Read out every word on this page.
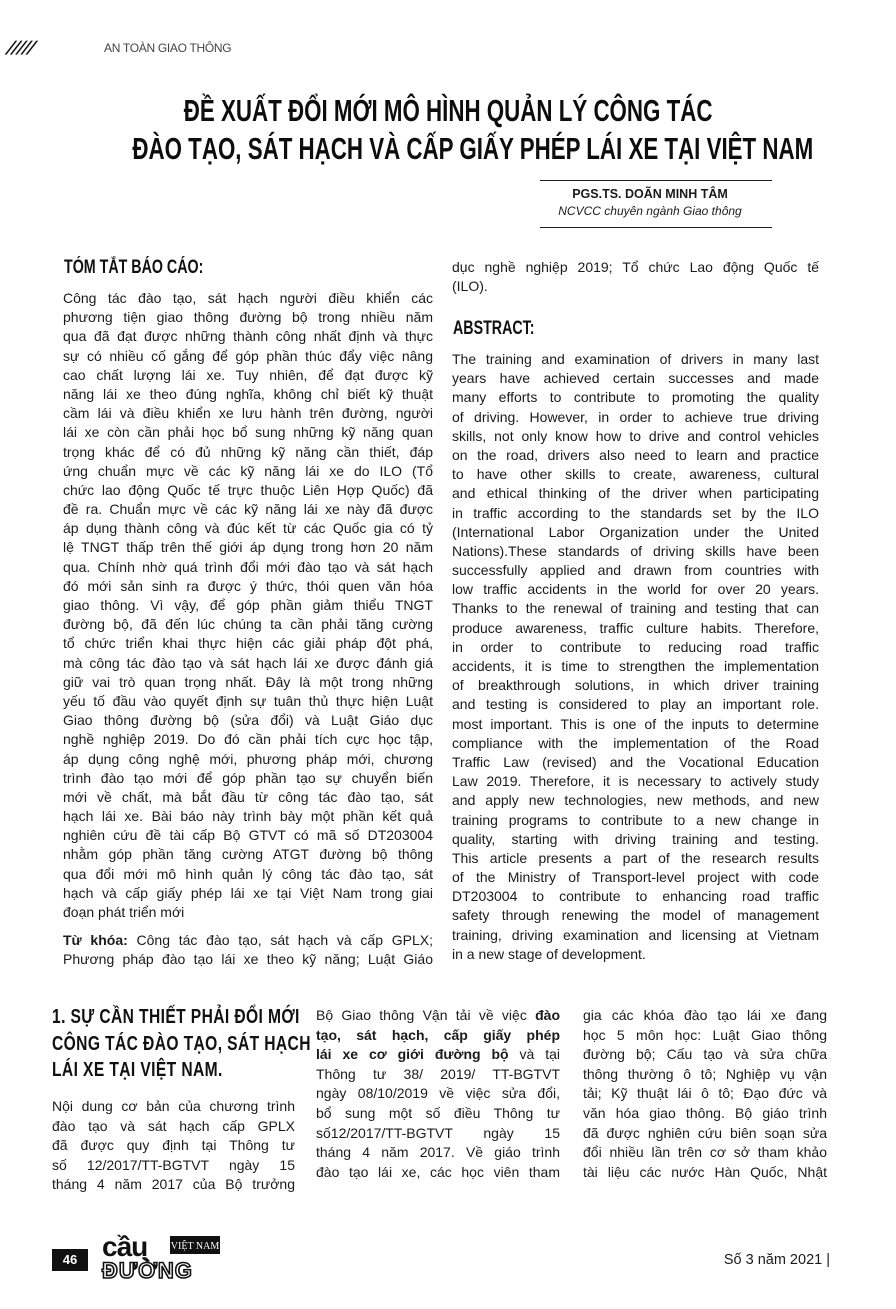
/////	AN TOÀN GIAO THÔNG
ĐỀ XUẤT ĐỔI MỚI MÔ HÌNH QUẢN LÝ CÔNG TÁC
ĐÀO TẠO, SÁT HẠCH VÀ CẤP GIẤY PHÉP LÁI XE TẠI VIỆT NAM
PGS.TS. DOÃN MINH TÂM
NCVCC chuyên ngành Giao thông
TÓM TẮT BÁO CÁO:
Công tác đào tạo, sát hạch người điều khiển các
phương tiện giao thông đường bộ trong nhiều năm
qua đã đạt được những thành công nhất định và thực
sự có nhiều cố gắng để góp phần thúc đẩy việc nâng
cao chất lượng lái xe. Tuy nhiên, để đạt được kỹ
năng lái xe theo đúng nghĩa, không chỉ biết kỹ thuật
cầm lái và điều khiển xe lưu hành trên đường, người
lái xe còn cần phải học bổ sung những kỹ năng quan
trọng khác để có đủ những kỹ năng cần thiết, đáp
ứng chuẩn mực về các kỹ năng lái xe do ILO (Tổ
chức lao động Quốc tế trực thuộc Liên Hợp Quốc) đã
đề ra. Chuẩn mực về các kỹ năng lái xe này đã được
áp dụng thành công và đúc kết từ các Quốc gia có tỷ
lệ TNGT thấp trên thế giới áp dụng trong hơn 20 năm
qua. Chính nhờ quá trình đổi mới đào tạo và sát hạch
đó mới sản sinh ra được ý thức, thói quen văn hóa
giao thông. Vì vậy, để góp phần giảm thiểu TNGT
đường bộ, đã đến lúc chúng ta cần phải tăng cường
tổ chức triển khai thực hiện các giải pháp đột phá,
mà công tác đào tạo và sát hạch lái xe được đánh giá
giữ vai trò quan trọng nhất. Đây là một trong những
yếu tố đầu vào quyết định sự tuân thủ thực hiện Luật
Giao thông đường bộ (sửa đổi) và Luật Giáo dục
nghề nghiệp 2019. Do đó cần phải tích cực học tập,
áp dụng công nghệ mới, phương pháp mới, chương
trình đào tạo mới để góp phần tạo sự chuyển biến
mới về chất, mà bắt đầu từ công tác đào tạo, sát
hạch lái xe. Bài báo này trình bày một phần kết quả
nghiên cứu đề tài cấp Bộ GTVT có mã số DT203004
nhằm góp phần tăng cường ATGT đường bộ thông
qua đổi mới mô hình quản lý công tác đào tạo, sát
hạch và cấp giấy phép lái xe tại Việt Nam trong giai
đoạn phát triển mới
Từ khóa: Công tác đào tạo, sát hạch và cấp GPLX;
Phương pháp đào tạo lái xe theo kỹ năng; Luật Giáo
dục nghề nghiệp 2019; Tổ chức Lao động Quốc tế
(ILO).
ABSTRACT:
The training and examination of drivers in many last
years have achieved certain successes and made
many efforts to contribute to promoting the quality
of driving. However, in order to achieve true driving
skills, not only know how to drive and control vehicles
on the road, drivers also need to learn and practice
to have other skills to create, awareness, cultural
and ethical thinking of the driver when participating
in traffic according to the standards set by the ILO
(International Labor Organization under the United
Nations).These standards of driving skills have been
successfully applied and drawn from countries with
low traffic accidents in the world for over 20 years.
Thanks to the renewal of training and testing that can
produce awareness, traffic culture habits. Therefore,
in order to contribute to reducing road traffic
accidents, it is time to strengthen the implementation
of breakthrough solutions, in which driver training
and testing is considered to play an important role.
most important. This is one of the inputs to determine
compliance with the implementation of the Road
Traffic Law (revised) and the Vocational Education
Law 2019. Therefore, it is necessary to actively study
and apply new technologies, new methods, and new
training programs to contribute to a new change in
quality, starting with driving training and testing.
This article presents a part of the research results
of the Ministry of Transport-level project with code
DT203004 to contribute to enhancing road traffic
safety through renewing the model of management
training, driving examination and licensing at Vietnam
in a new stage of development.
1. SỰ CẦN THIẾT PHẢI ĐỔI MỚI
CÔNG TÁC ĐÀO TẠO, SÁT HẠCH
LÁI XE TẠI VIỆT NAM.
Nội dung cơ bản của chương trình
đào tạo và sát hạch cấp GPLX
đã được quy định tại Thông tư
số 12/2017/TT-BGTVT ngày 15
tháng 4 năm 2017 của Bộ trưởng
Bộ Giao thông Vận tải về việc đào
tạo, sát hạch, cấp giấy phép
lái xe cơ giới đường bộ và tại
Thông tư 38/ 2019/ TT-BGTVT
ngày 08/10/2019 về việc sửa đổi,
bổ sung một số điều Thông tư
số12/2017/TT-BGTVT ngày 15
tháng 4 năm 2017. Về giáo trình
đào tạo lái xe, các học viên tham
gia các khóa đào tạo lái xe đang
học 5 môn học: Luật Giao thông
đường bộ; Cấu tạo và sửa chữa
thông thường ô tô; Nghiệp vụ vận
tải; Kỹ thuật lái ô tô; Đạo đức và
văn hóa giao thông. Bộ giáo trình
đã được nghiên cứu biên soạn sửa
đổi nhiều lần trên cơ sở tham khảo
tài liệu các nước Hàn Quốc, Nhật
46 cầu VIỆT NAM
ĐƯỜNG	Số 3 năm 2021 |
